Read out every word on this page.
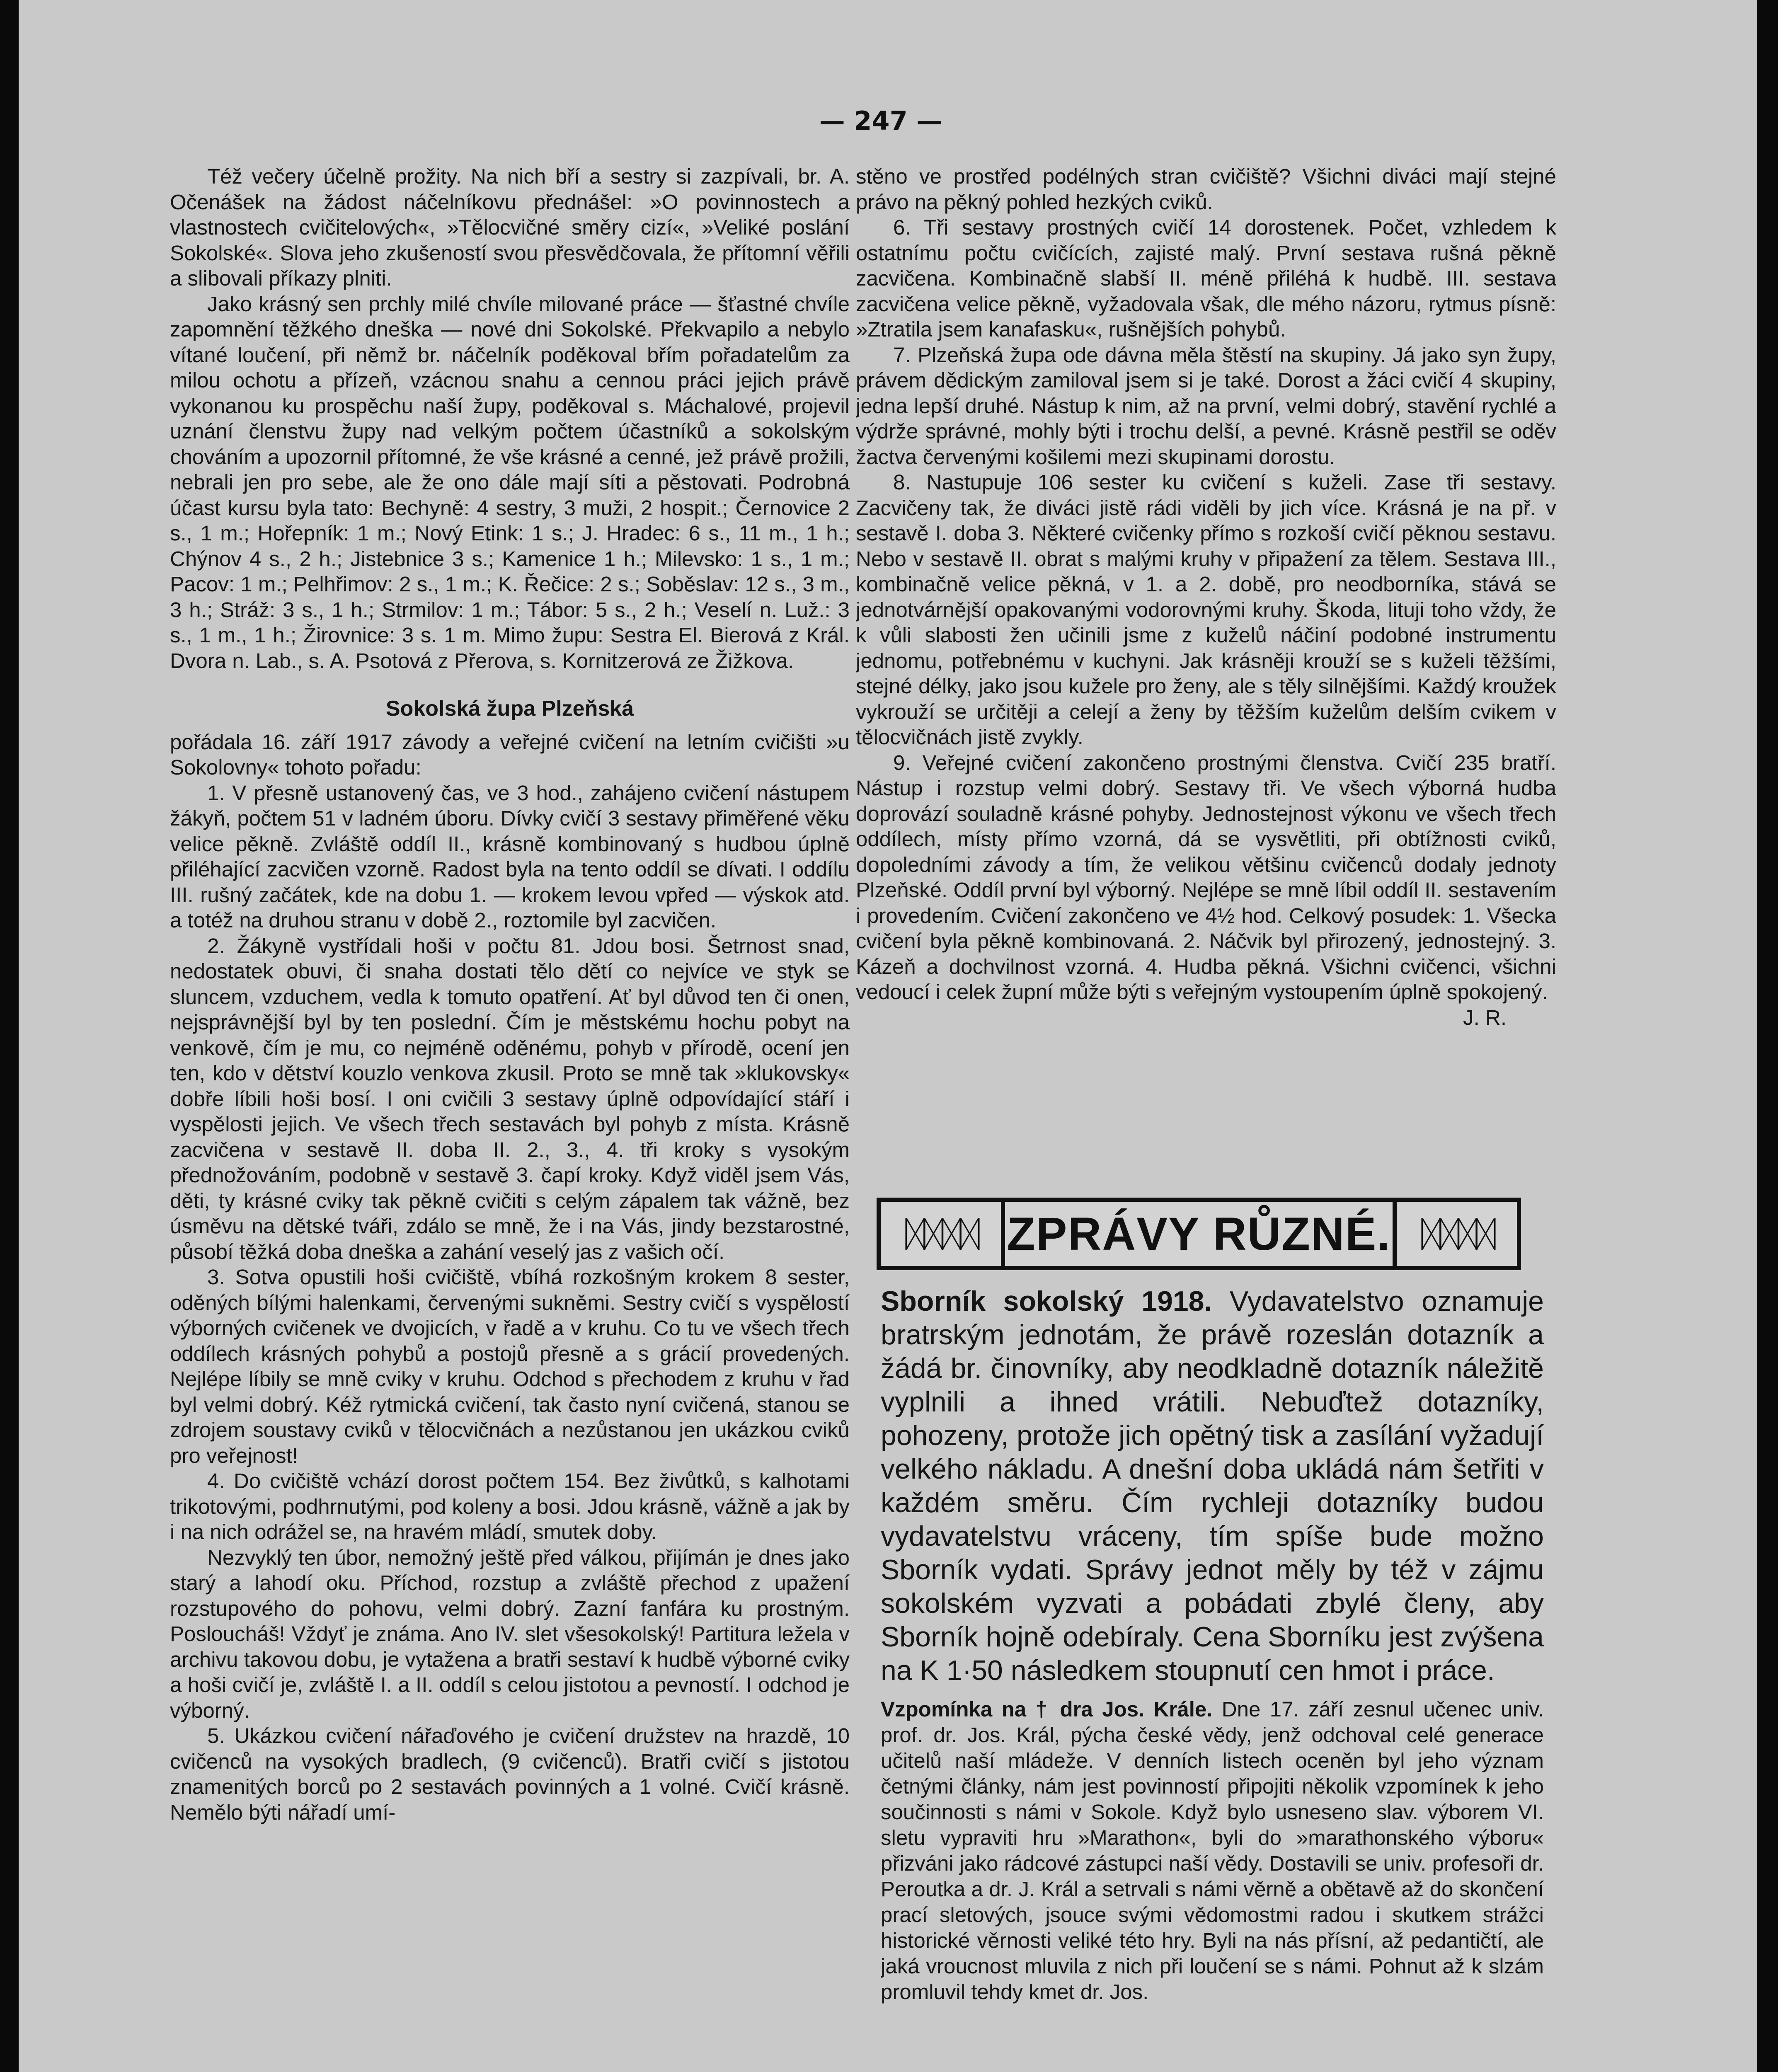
— 247 —

Též večery účelně prožity. Na nich bří a sestry si zazpívali, br. A. Očenášek na žádost náčelníkovu přednášel: »O povinnostech a vlastnostech cvičitelových«, »Tělocvičné směry cizí«, »Veliké poslání Sokolské«. Slova jeho zkušeností svou přesvědčovala, že přítomní věřili a slibovali příkazy plniti.

Jako krásný sen prchly milé chvíle milované práce — šťastné chvíle zapomnění těžkého dneška — nové dni Sokolské. Překvapilo a nebylo vítané loučení, při němž br. náčelník poděkoval břím pořadatelům za milou ochotu a přízeň, vzácnou snahu a cennou práci jejich právě vykonanou ku prospěchu naší župy, poděkoval s. Máchalové, projevil uznání členstvu župy nad velkým počtem účastníků a sokolským chováním a upozornil přítomné, že vše krásné a cenné, jež právě prožili, nebrali jen pro sebe, ale že ono dále mají síti a pěstovati. Podrobná účast kursu byla tato: Bechyně: 4 sestry, 3 muži, 2 hospit.; Černovice 2 s., 1 m.; Hořepník: 1 m.; Nový Etink: 1 s.; J. Hradec: 6 s., 11 m., 1 h.; Chýnov 4 s., 2 h.; Jistebnice 3 s.; Kamenice 1 h.; Milevsko: 1 s., 1 m.; Pacov: 1 m.; Pelhřimov: 2 s., 1 m.; K. Řečice: 2 s.; Soběslav: 12 s., 3 m., 3 h.; Stráž: 3 s., 1 h.; Strmilov: 1 m.; Tábor: 5 s., 2 h.; Veselí n. Luž.: 3 s., 1 m., 1 h.; Žirovnice: 3 s. 1 m. Mimo župu: Sestra El. Bierová z Král. Dvora n. Lab., s. A. Psotová z Přerova, s. Kornitzerová ze Žižkova.

Sokolská župa Plzeňská

pořádala 16. září 1917 závody a veřejné cvičení na letním cvičišti »u Sokolovny« tohoto pořadu:

1. V přesně ustanovený čas, ve 3 hod., zahájeno cvičení nástupem žákyň, počtem 51 v ladném úboru. Dívky cvičí 3 sestavy přiměřené věku velice pěkně. Zvláště oddíl II., krásně kombinovaný s hudbou úplně přiléhající zacvičen vzorně. Radost byla na tento oddíl se dívati. I oddílu III. rušný začátek, kde na dobu 1. — krokem levou vpřed — výskok atd. a totéž na druhou stranu v době 2., roztomile byl zacvičen.

2. Žákyně vystřídali hoši v počtu 81. Jdou bosi. Šetrnost snad, nedostatek obuvi, či snaha dostati tělo dětí co nejvíce ve styk se sluncem, vzduchem, vedla k tomuto opatření. Ať byl důvod ten či onen, nejsprávnější byl by ten poslední. Čím je městskému hochu pobyt na venkově, čím je mu, co nejméně oděnému, pohyb v přírodě, ocení jen ten, kdo v dětství kouzlo venkova zkusil. Proto se mně tak »klukovsky« dobře líbili hoši bosí. I oni cvičili 3 sestavy úplně odpovídající stáří i vyspělosti jejich. Ve všech třech sestavách byl pohyb z místa. Krásně zacvičena v sestavě II. doba II. 2., 3., 4. tři kroky s vysokým přednožováním, podobně v sestavě 3. čapí kroky. Když viděl jsem Vás, děti, ty krásné cviky tak pěkně cvičiti s celým zápalem tak vážně, bez úsměvu na dětské tváři, zdálo se mně, že i na Vás, jindy bezstarostné, působí těžká doba dneška a zahání veselý jas z vašich očí.

3. Sotva opustili hoši cvičiště, vbíhá rozkošným krokem 8 sester, oděných bílými halenkami, červenými sukněmi. Sestry cvičí s vyspělostí výborných cvičenek ve dvojicích, v řadě a v kruhu. Co tu ve všech třech oddílech krásných pohybů a postojů přesně a s grácií provedených. Nejlépe líbily se mně cviky v kruhu. Odchod s přechodem z kruhu v řad byl velmi dobrý. Kéž rytmická cvičení, tak často nyní cvičená, stanou se zdrojem soustavy cviků v tělocvičnách a nezůstanou jen ukázkou cviků pro veřejnost!

4. Do cvičiště vchází dorost počtem 154. Bez živůtků, s kalhotami trikotovými, podhrnutými, pod koleny a bosi. Jdou krásně, vážně a jak by i na nich odrážel se, na hravém mládí, smutek doby.

Nezvyklý ten úbor, nemožný ještě před válkou, přijímán je dnes jako starý a lahodí oku. Příchod, rozstup a zvláště přechod z upažení rozstupového do pohovu, velmi dobrý. Zazní fanfára ku prostným. Posloucháš! Vždyť je známa. Ano IV. slet všesokolský! Partitura ležela v archivu takovou dobu, je vytažena a bratři sestaví k hudbě výborné cviky a hoši cvičí je, zvláště I. a II. oddíl s celou jistotou a pevností. I odchod je výborný.

5. Ukázkou cvičení nářaďového je cvičení družstev na hrazdě, 10 cvičenců na vysokých bradlech, (9 cvičenců). Bratři cvičí s jistotou znamenitých borců po 2 sestavách povinných a 1 volné. Cvičí krásně. Nemělo býti nářadí umí-

stěno ve prostřed podélných stran cvičiště? Všichni diváci mají stejné právo na pěkný pohled hezkých cviků.

6. Tři sestavy prostných cvičí 14 dorostenek. Počet, vzhledem k ostatnímu počtu cvičících, zajisté malý. První sestava rušná pěkně zacvičena. Kombinačně slabší II. méně přiléhá k hudbě. III. sestava zacvičena velice pěkně, vyžadovala však, dle mého názoru, rytmus písně: »Ztratila jsem kanafasku«, rušnějších pohybů.

7. Plzeňská župa ode dávna měla štěstí na skupiny. Já jako syn župy, právem dědickým zamiloval jsem si je také. Dorost a žáci cvičí 4 skupiny, jedna lepší druhé. Nástup k nim, až na první, velmi dobrý, stavění rychlé a výdrže správné, mohly býti i trochu delší, a pevné. Krásně pestřil se oděv žactva červenými košilemi mezi skupinami dorostu.

8. Nastupuje 106 sester ku cvičení s kuželi. Zase tři sestavy. Zacvičeny tak, že diváci jistě rádi viděli by jich více. Krásná je na př. v sestavě I. doba 3. Některé cvičenky přímo s rozkoší cvičí pěknou sestavu. Nebo v sestavě II. obrat s malými kruhy v připažení za tělem. Sestava III., kombinačně velice pěkná, v 1. a 2. době, pro neodborníka, stává se jednotvárnější opakovanými vodorovnými kruhy. Škoda, lituji toho vždy, že k vůli slabosti žen učinili jsme z kuželů náčiní podobné instrumentu jednomu, potřebnému v kuchyni. Jak krásněji krouží se s kuželi těžšími, stejné délky, jako jsou kužele pro ženy, ale s těly silnějšími. Každý kroužek vykrouží se určitěji a celejí a ženy by těžším kuželům delším cvikem v tělocvičnách jistě zvykly.

9. Veřejné cvičení zakončeno prostnými členstva. Cvičí 235 bratří. Nástup i rozstup velmi dobrý. Sestavy tři. Ve všech výborná hudba doprovází souladně krásné pohyby. Jednostejnost výkonu ve všech třech oddílech, místy přímo vzorná, dá se vysvětliti, při obtížnosti cviků, dopoledními závody a tím, že velikou většinu cvičenců dodaly jednoty Plzeňské. Oddíl první byl výborný. Nejlépe se mně líbil oddíl II. sestavením i provedením. Cvičení zakončeno ve 4½ hod. Celkový posudek: 1. Všecka cvičení byla pěkně kombinovaná. 2. Náčvik byl přirozený, jednostejný. 3. Kázeň a dochvilnost vzorná. 4. Hudba pěkná. Všichni cvičenci, všichni vedoucí i celek župní může býti s veřejným vystoupením úplně spokojený.
J. R.

ᛞᛞᛞᛞ ZPRÁVY RŮZNÉ. ᛞᛞᛞᛞ

Sborník sokolský 1918. Vydavatelstvo oznamuje bratrským jednotám, že právě rozeslán dotazník a žádá br. činovníky, aby neodkladně dotazník náležitě vyplnili a ihned vrátili. Nebuďtež dotazníky, pohozeny, protože jich opětný tisk a zasílání vyžadují velkého nákladu. A dnešní doba ukládá nám šetřiti v každém směru. Čím rychleji dotazníky budou vydavatelstvu vráceny, tím spíše bude možno Sborník vydati. Správy jednot měly by též v zájmu sokolském vyzvati a pobádati zbylé členy, aby Sborník hojně odebíraly. Cena Sborníku jest zvýšena na K 1·50 následkem stoupnutí cen hmot i práce.

Vzpomínka na † dra Jos. Krále. Dne 17. září zesnul učenec univ. prof. dr. Jos. Král, pýcha české vědy, jenž odchoval celé generace učitelů naší mládeže. V denních listech oceněn byl jeho význam četnými články, nám jest povinností připojiti několik vzpomínek k jeho součinnosti s námi v Sokole. Když bylo usneseno slav. výborem VI. sletu vypraviti hru »Marathon«, byli do »marathonského výboru« přizváni jako rádcové zástupci naší vědy. Dostavili se univ. profesoři dr. Peroutka a dr. J. Král a setrvali s námi věrně a obětavě až do skončení prací sletových, jsouce svými vědomostmi radou i skutkem strážci historické věrnosti veliké této hry. Byli na nás přísní, až pedantičtí, ale jaká vroucnost mluvila z nich při loučení se s námi. Pohnut až k slzám promluvil tehdy kmet dr. Jos.
